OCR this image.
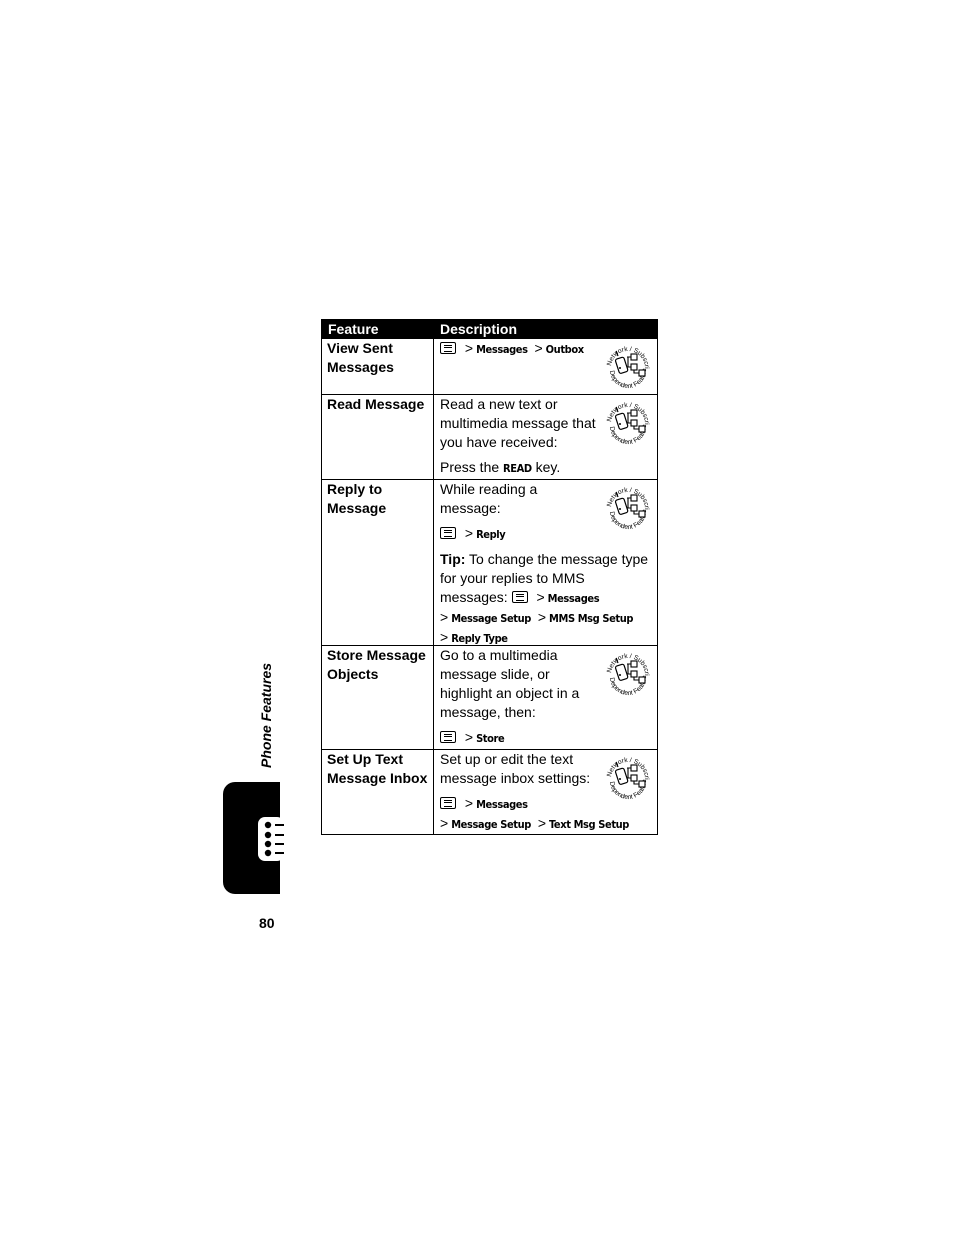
Feature	Description
View Sent Messages

> Messages > Outbox

Read Message	Read a new text or multimedia message that you have received:

Press the READ key.

Reply to Message

While reading a message:

> Reply

Tip: To change the message type for your replies to MMS messages: > Messages
> Message Setup > MMS Msg Setup
> Reply Type

Store Message Objects

Go to a multimedia message slide, or highlight an object in a message, then:

> Store

Set Up Text Message Inbox

Set up or edit the text message inbox settings:

> Messages
> Message Setup > Text Msg Setup

Phone Features
80
